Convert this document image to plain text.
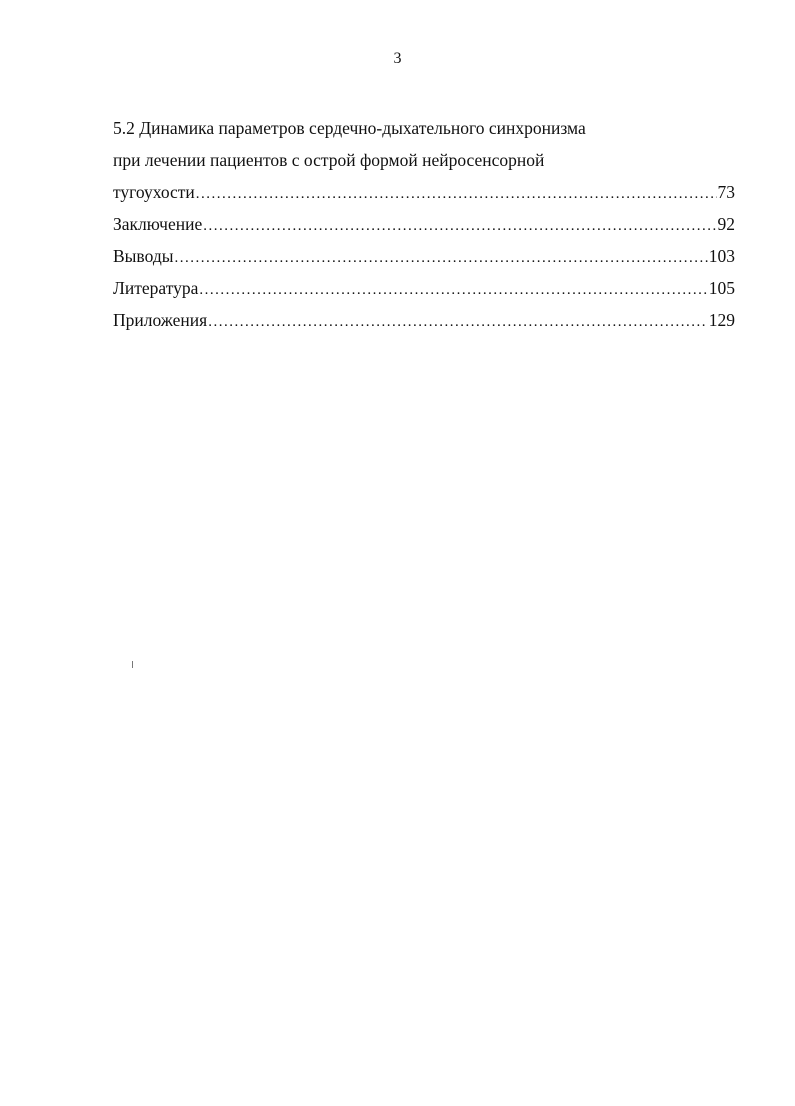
3
5.2 Динамика параметров сердечно-дыхательного синхронизма
при лечении пациентов с острой формой нейросенсорной
тугоухости .....	73
Заключение .....	92
Выводы .....	103
Литература .....	105
Приложения .....	129
